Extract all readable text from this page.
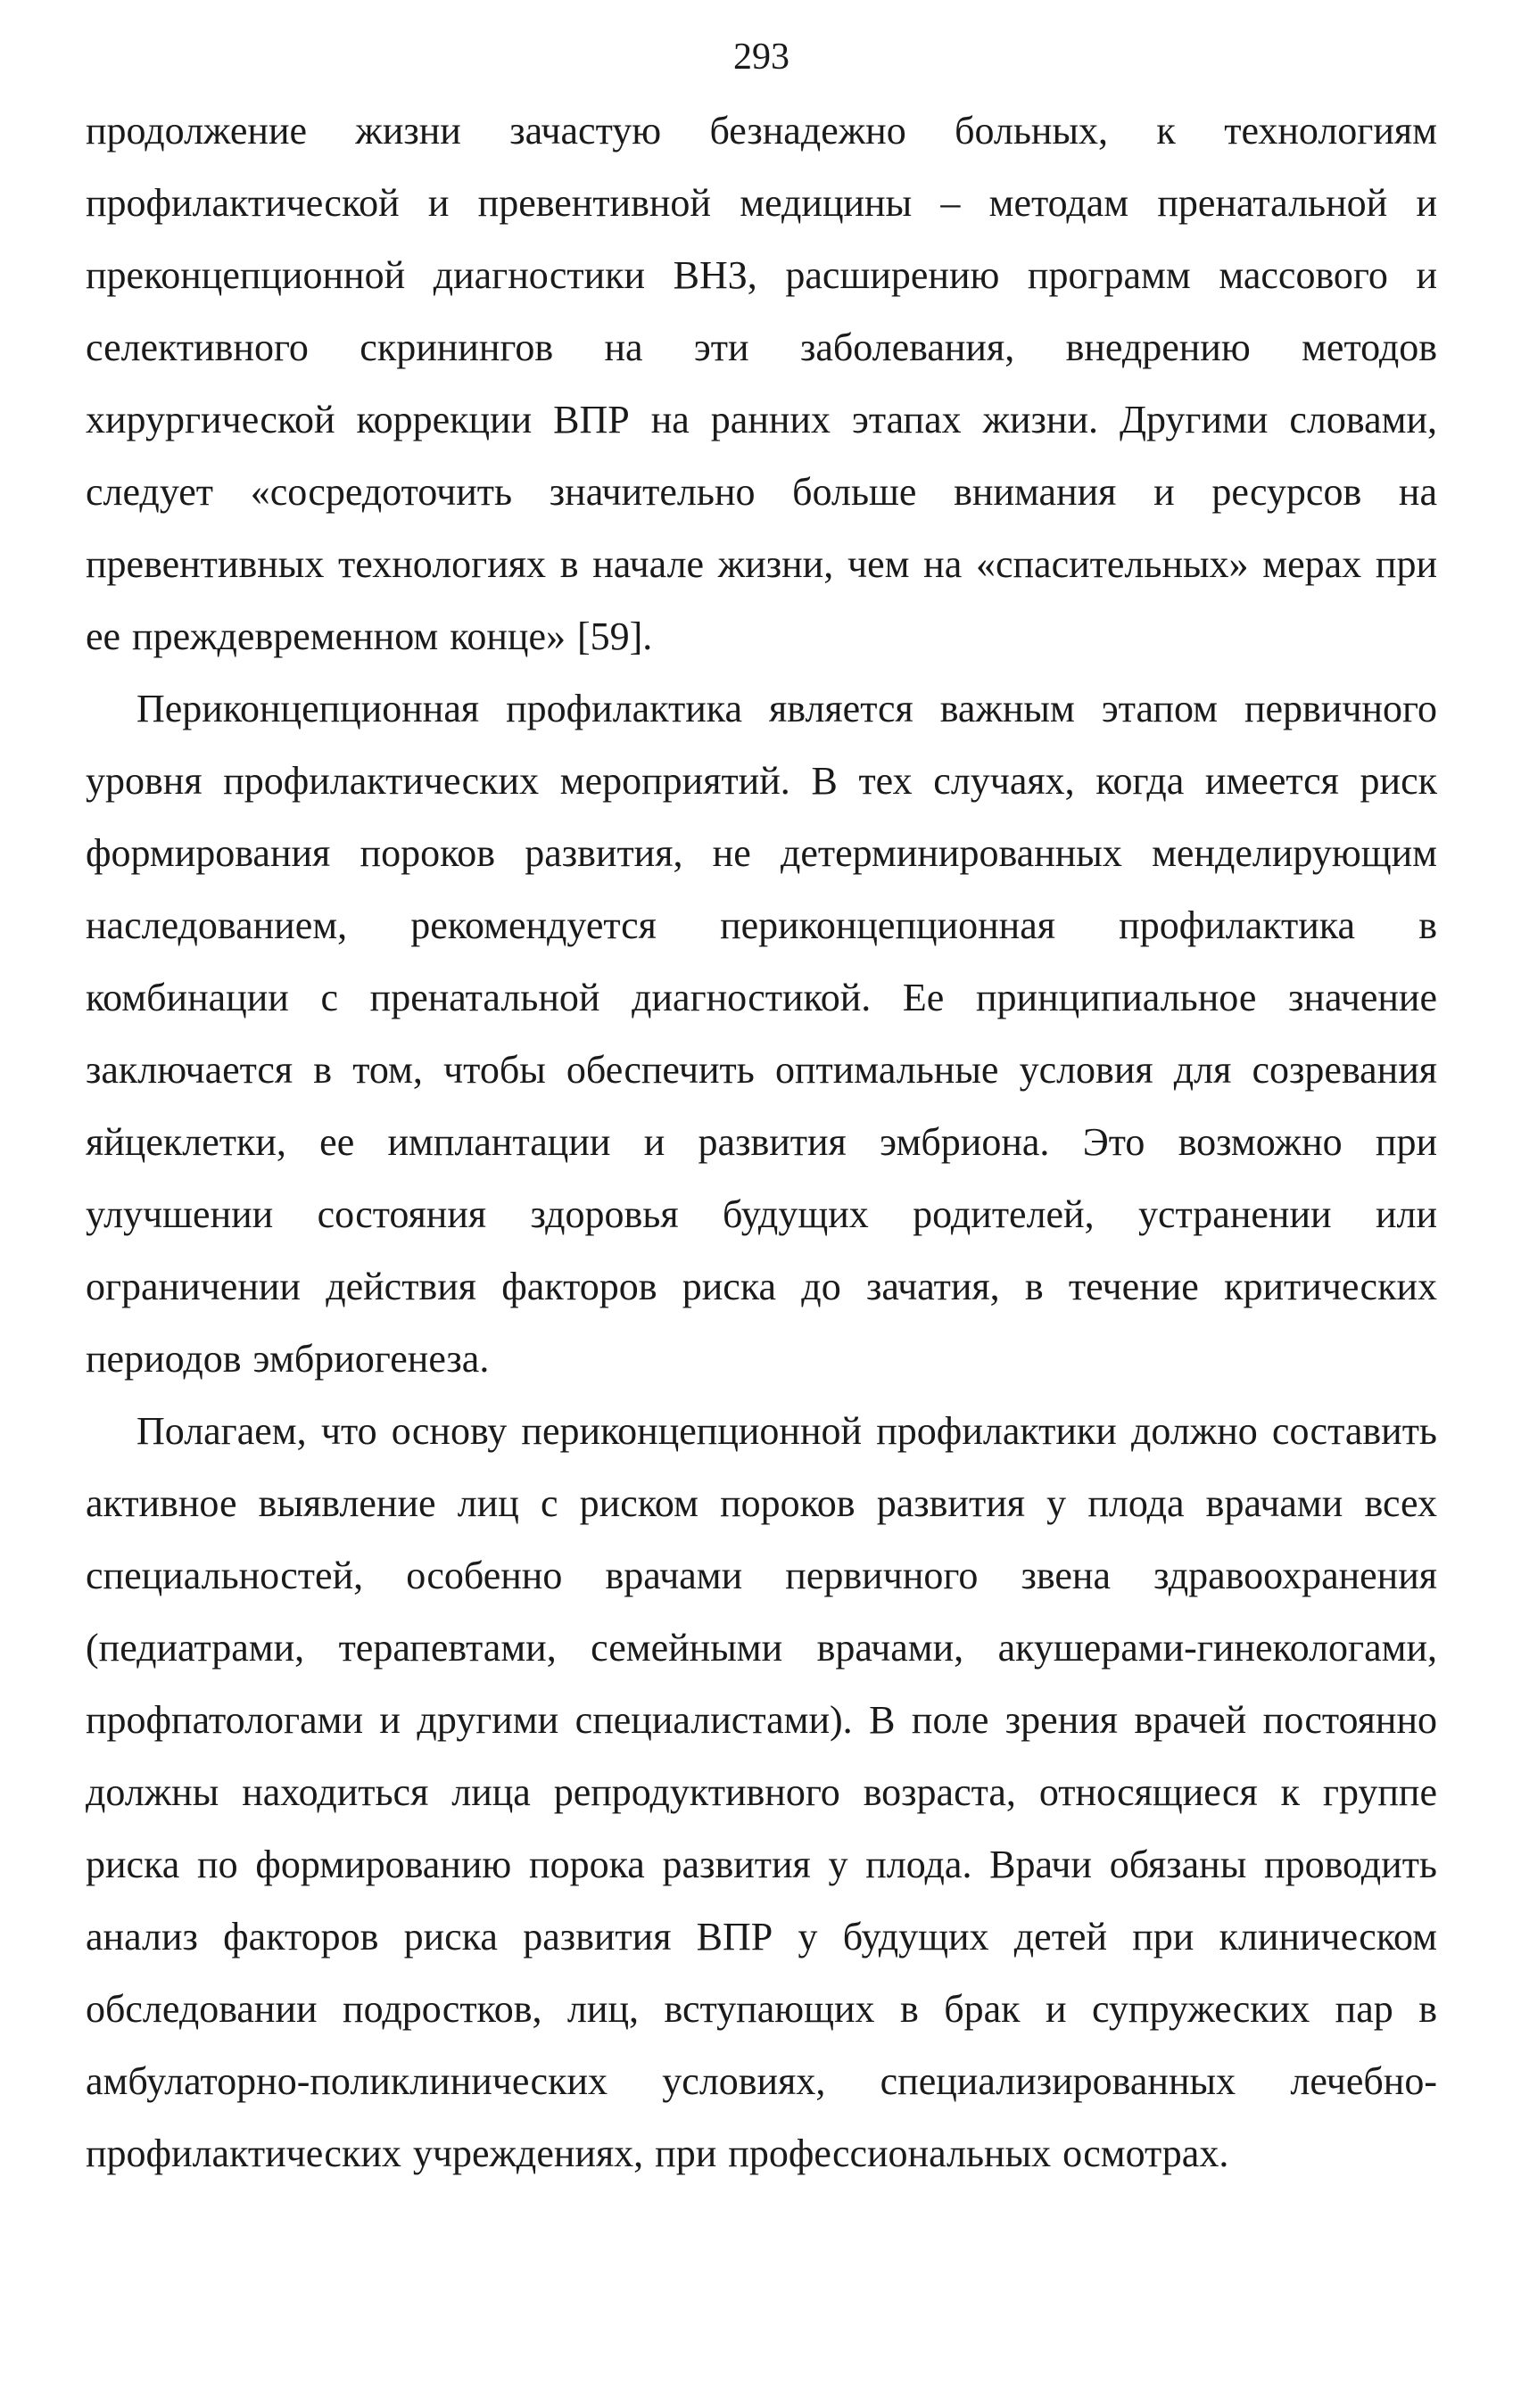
293

продолжение жизни зачастую безнадежно больных, к технологиям профилактической и превентивной медицины – методам пренатальной и преконцепционной диагностики ВНЗ, расширению программ массового и селективного скринингов на эти заболевания, внедрению методов хирургической коррекции ВПР на ранних этапах жизни. Другими словами, следует «сосредоточить значительно больше внимания и ресурсов на превентивных технологиях в начале жизни, чем на «спасительных» мерах при ее преждевременном конце» [59].

Периконцепционная профилактика является важным этапом первичного уровня профилактических мероприятий. В тех случаях, когда имеется риск формирования пороков развития, не детерминированных менделирующим наследованием, рекомендуется периконцепционная профилактика в комбинации с пренатальной диагностикой. Ее принципиальное значение заключается в том, чтобы обеспечить оптимальные условия для созревания яйцеклетки, ее имплантации и развития эмбриона. Это возможно при улучшении состояния здоровья будущих родителей, устранении или ограничении действия факторов риска до зачатия, в течение критических периодов эмбриогенеза.

Полагаем, что основу периконцепционной профилактики должно составить активное выявление лиц с риском пороков развития у плода врачами всех специальностей, особенно врачами первичного звена здравоохранения (педиатрами, терапевтами, семейными врачами, акушерами-гинекологами, профпатологами и другими специалистами). В поле зрения врачей постоянно должны находиться лица репродуктивного возраста, относящиеся к группе риска по формированию порока развития у плода. Врачи обязаны проводить анализ факторов риска развития ВПР у будущих детей при клиническом обследовании подростков, лиц, вступающих в брак и супружеских пар в амбулаторно-поликлинических условиях, специализированных лечебно-профилактических учреждениях, при профессиональных осмотрах.
